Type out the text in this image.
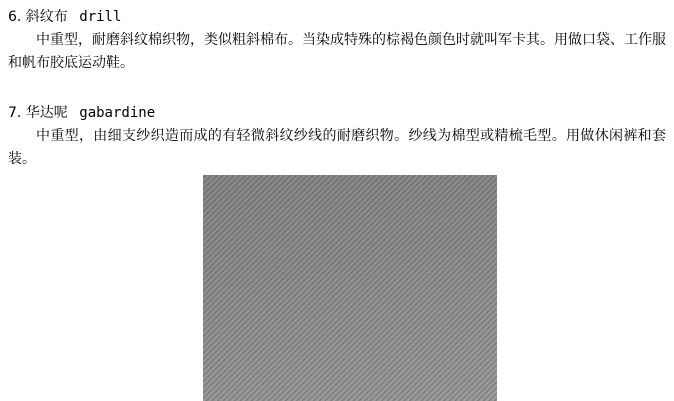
6. 斜纹布 drill

中重型，耐磨斜纹棉织物，类似粗斜棉布。当染成特殊的棕褐色颜色时就叫军卡其。用做口袋、工作服和帆布胶底运动鞋。

7. 华达呢 gabardine

中重型，由细支纱织造而成的有轻微斜纹纱线的耐磨织物。纱线为棉型或精梳毛型。用做休闲裤和套装。
